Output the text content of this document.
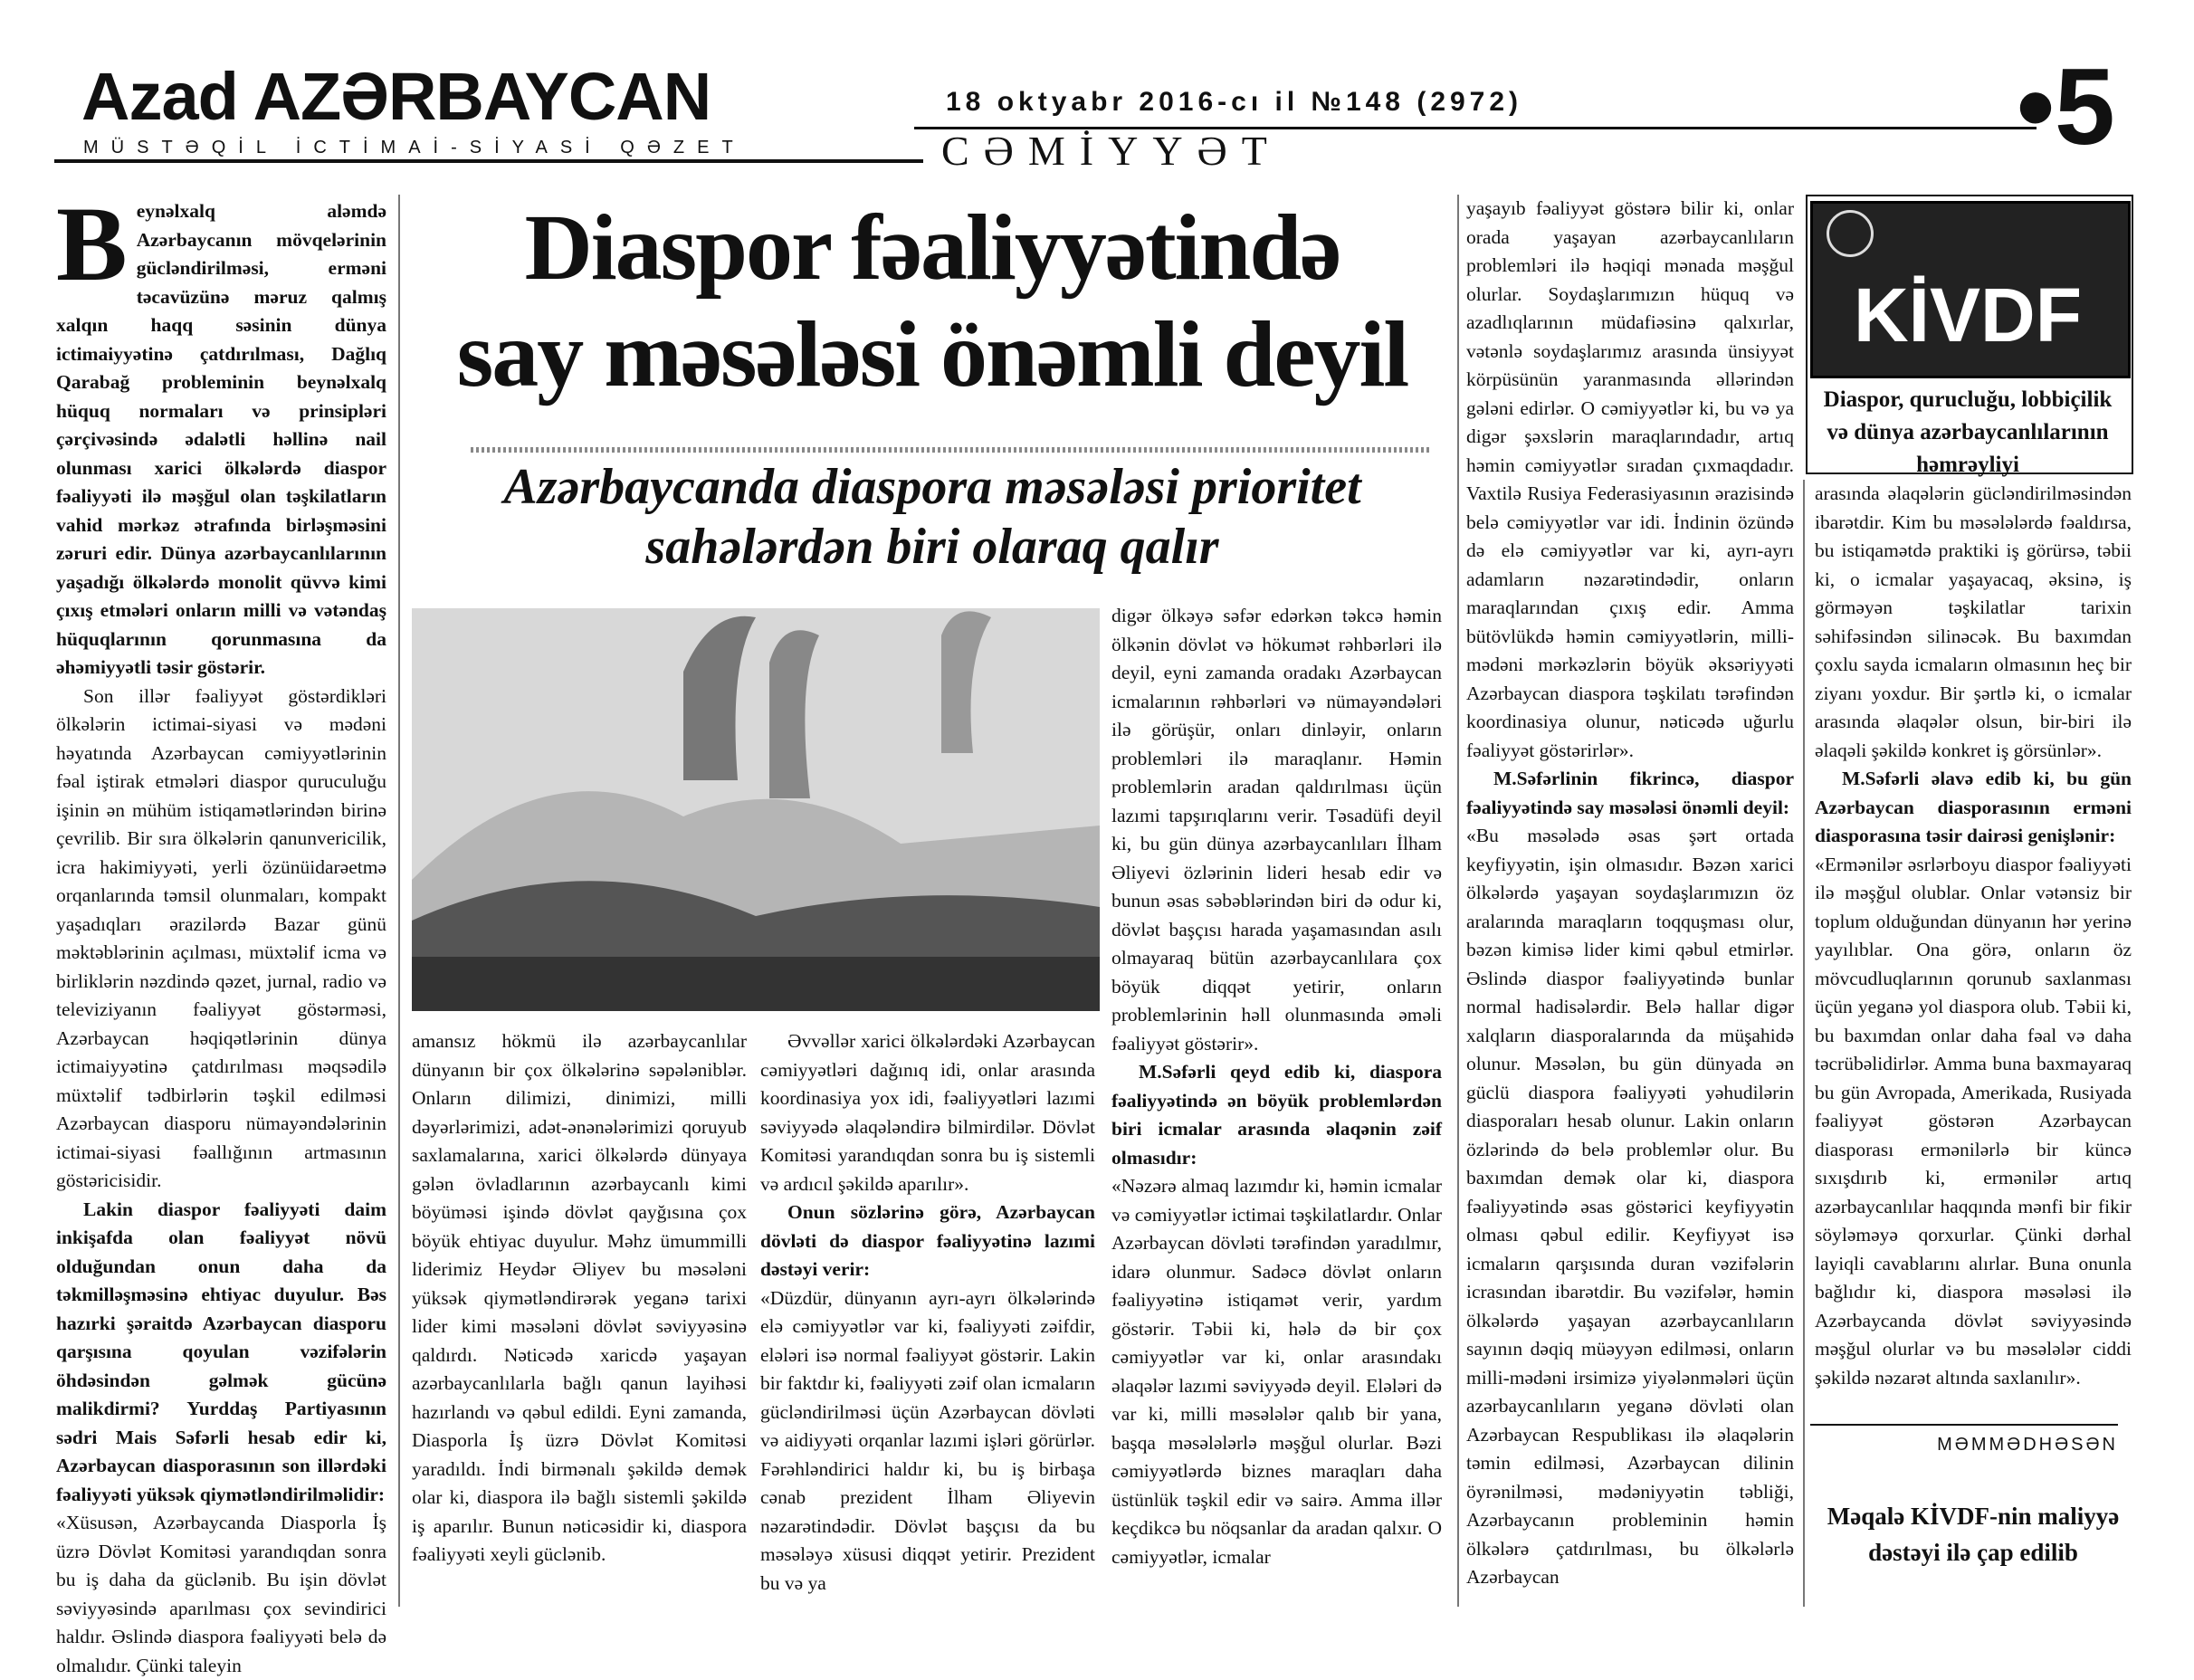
Azad AZƏRBAYCAN
MÜSTƏQİL İCTİMAİ-SİYASİ QƏZET
18 oktyabr 2016-cı il №148 (2972)
CƏMİYYƏT	•5
Diaspor fəaliyyətində
say məsələsi önəmli deyil
Azərbaycanda diaspora məsələsi prioritet
sahələrdən biri olaraq qalır
B eynəlxalq aləmdə Azərbaycanın mövqelərinin gücləndirilməsi, erməni təcavüzünə məruz qalmış xalqın haqq səsinin dünya ictimaiyyətinə çatdırılması, Dağlıq Qarabağ probleminin beynəlxalq hüquq normaları və prinsipləri çərçivəsində ədalətli həllinə nail olunması xarici ölkələrdə diaspor fəaliyyəti ilə məşğul olan təşkilatların vahid mərkəz ətrafında birləşməsini zəruri edir. Dünya azərbaycanlılarının yaşadığı ölkələrdə monolit qüvvə kimi çıxış etmələri onların milli və vətəndaş hüquqlarının qorunmasına da əhəmiyyətli təsir göstərir.

Son illər fəaliyyət göstərdikləri ölkələrin ictimai-siyasi və mədəni həyatında Azərbaycan cəmiyyətlərinin fəal iştirak etmələri diaspor quruculuğu işinin ən mühüm istiqamətlərindən birinə çevrilib. Bir sıra ölkələrin qanunvericilik, icra hakimiyyəti, yerli özünüidarəetmə orqanlarında təmsil olunmaları, kompakt yaşadıqları ərazilərdə Bazar günü məktəblərinin açılması, müxtəlif icma və birliklərin nəzdində qəzet, jurnal, radio və televiziyanın fəaliyyət göstərməsi, Azərbaycan həqiqətlərinin dünya ictimaiyyətinə çatdırılması məqsədilə müxtəlif tədbirlərin təşkil edilməsi Azərbaycan diasporu nümayəndələrinin ictimai-siyasi fəallığının artmasının göstəricisidir.

Lakin diaspor fəaliyyəti daim inkişafda olan fəaliyyət növü olduğundan onun daha da təkmilləşməsinə ehtiyac duyulur. Bəs hazırki şəraitdə Azərbaycan diasporu qarşısına qoyulan vəzifələrin öhdəsindən gəlmək gücünə malikdirmi? Yurddaş Partiyasının sədri Mais Səfərli hesab edir ki, Azərbaycan diasporasının son illərdəki fəaliyyəti yüksək qiymətləndirilməlidir:

«Xüsusən, Azərbaycanda Diasporla İş üzrə Dövlət Komitəsi yarandıqdan sonra bu iş daha da güclənib. Bu işin dövlət səviyyəsində aparılması çox sevindirici haldır. Əslində diaspora fəaliyyəti belə də olmalıdır. Çünki taleyin

amansız hökmü ilə azərbaycanlılar dünyanın bir çox ölkələrinə səpələniblər. Onların dilimizi, dinimizi, milli dəyərlərimizi, adət-ənənələrimizi qoruyub saxlamalarına, xarici ölkələrdə dünyaya gələn övladlarının azərbaycanlı kimi böyüməsi işində dövlət qayğısına çox böyük ehtiyac duyulur. Məhz ümummilli liderimiz Heydər Əliyev bu məsələni yüksək qiymətləndirərək yeganə tarixi lider kimi məsələni dövlət səviyyəsinə qaldırdı. Nəticədə xaricdə yaşayan azərbaycanlılarla bağlı qanun layihəsi hazırlandı və qəbul edildi. Eyni zamanda, Diasporla İş üzrə Dövlət Komitəsi yaradıldı. İndi birmənalı şəkildə demək olar ki, diaspora ilə bağlı sistemli şəkildə iş aparılır. Bunun nəticəsidir ki, diaspora fəaliyyəti xeyli güclənib.

Əvvəllər xarici ölkələrdəki Azərbaycan cəmiyyətləri dağınıq idi, onlar arasında koordinasiya yox idi, fəaliyyətləri lazımi səviyyədə əlaqələndirə bilmirdilər. Dövlət Komitəsi yarandıqdan sonra bu iş sistemli və ardıcıl şəkildə aparılır».

Onun sözlərinə görə, Azərbaycan dövləti də diaspor fəaliyyətinə lazımi dəstəyi verir:

«Düzdür, dünyanın ayrı-ayrı ölkələrində elə cəmiyyətlər var ki, fəaliyyəti zəifdir, elələri isə normal fəaliyyət göstərir. Lakin bir faktdır ki, fəaliyyəti zəif olan icmaların gücləndirilməsi üçün Azərbaycan dövləti və aidiyyəti orqanlar lazımi işləri görürlər. Fərəhləndirici haldır ki, bu iş birbaşa cənab prezident İlham Əliyevin nəzarətindədir. Dövlət başçısı da bu məsələyə xüsusi diqqət yetirir. Prezident bu və ya

digər ölkəyə səfər edərkən təkcə həmin ölkənin dövlət və hökumət rəhbərləri ilə deyil, eyni zamanda oradakı Azərbaycan icmalarının rəhbərləri və nümayəndələri ilə görüşür, onları dinləyir, onların problemləri ilə maraqlanır. Həmin problemlərin aradan qaldırılması üçün lazımi tapşırıqlarını verir. Təsadüfi deyil ki, bu gün dünya azərbaycanlıları İlham Əliyevi özlərinin lideri hesab edir və bunun əsas səbəblərindən biri də odur ki, dövlət başçısı harada yaşamasından asılı olmayaraq bütün azərbaycanlılara çox böyük diqqət yetirir, onların problemlərinin həll olunmasında əməli fəaliyyət göstərir».

M.Səfərli qeyd edib ki, diaspora fəaliyyətində ən böyük problemlərdən biri icmalar arasında əlaqənin zəif olmasıdır:

«Nəzərə almaq lazımdır ki, həmin icmalar və cəmiyyətlər ictimai təşkilatlardır. Onlar Azərbaycan dövləti tərəfindən yaradılmır, idarə olunmur. Sadəcə dövlət onların fəaliyyətinə istiqamət verir, yardım göstərir. Təbii ki, hələ də bir çox cəmiyyətlər var ki, onlar arasındakı əlaqələr lazımi səviyyədə deyil. Elələri də var ki, milli məsələlər qalıb bir yana, başqa məsələlərlə məşğul olurlar. Bəzi cəmiyyətlərdə biznes maraqları daha üstünlük təşkil edir və sairə. Amma illər keçdikcə bu nöqsanlar da aradan qalxır. O cəmiyyətlər, icmalar

yaşayıb fəaliyyət göstərə bilir ki, onlar orada yaşayan azərbaycanlıların problemləri ilə həqiqi mənada məşğul olurlar. Soydaşlarımızın hüquq və azadlıqlarının müdafiəsinə qalxırlar, vətənlə soydaşlarımız arasında ünsiyyət körpüsünün yaranmasında əllərindən gələni edirlər. O cəmiyyətlər ki, bu və ya digər şəxslərin maraqlarındadır, artıq həmin cəmiyyətlər sıradan çıxmaqdadır. Vaxtilə Rusiya Federasiyasının ərazisində belə cəmiyyətlər var idi. İndinin özündə də elə cəmiyyətlər var ki, ayrı-ayrı adamların nəzarətindədir, onların maraqlarından çıxış edir. Amma bütövlükdə həmin cəmiyyətlərin, milli-mədəni mərkəzlərin böyük əksəriyyəti Azərbaycan diaspora təşkilatı tərəfindən koordinasiya olunur, nəticədə uğurlu fəaliyyət göstərirlər».

M.Səfərlinin fikrincə, diaspor fəaliyyətində say məsələsi önəmli deyil:

«Bu məsələdə əsas şərt ortada keyfiyyətin, işin olmasıdır. Bəzən xarici ölkələrdə yaşayan soydaşlarımızın öz aralarında maraqların toqquşması olur, bəzən kimisə lider kimi qəbul etmirlər. Əslində diaspor fəaliyyətində bunlar normal hadisələrdir. Belə hallar digər xalqların diasporalarında da müşahidə olunur. Məsələn, bu gün dünyada ən güclü diaspora fəaliyyəti yəhudilərin diasporaları hesab olunur. Lakin onların özlərində də belə problemlər olur. Bu baxımdan demək olar ki, diaspora fəaliyyətində əsas göstərici keyfiyyətin olması qəbul edilir. Keyfiyyət isə icmaların qarşısında duran vəzifələrin icrasından ibarətdir. Bu vəzifələr, həmin ölkələrdə yaşayan azərbaycanlıların sayının dəqiq müəyyən edilməsi, onların milli-mədəni irsimizə yiyələnmələri üçün azərbaycanlıların yeganə dövləti olan Azərbaycan Respublikası ilə əlaqələrin təmin edilməsi, Azərbaycan dilinin öyrənilməsi, mədəniyyətin təbliği, Azərbaycanın probleminin həmin ölkələrə çatdırılması, bu ölkələrlə Azərbaycan

KİVDF
Diaspor, qurucluğu, lobbiçilik və dünya azərbaycanlılarının həmrəyliyi

arasında əlaqələrin gücləndirilməsindən ibarətdir. Kim bu məsələlərdə fəaldırsa, bu istiqamətdə praktiki iş görürsə, təbii ki, o icmalar yaşayacaq, əksinə, iş görməyən təşkilatlar tarixin səhifəsindən silinəcək. Bu baxımdan çoxlu sayda icmaların olmasının heç bir ziyanı yoxdur. Bir şərtlə ki, o icmalar arasında əlaqələr olsun, bir-biri ilə əlaqəli şəkildə konkret iş görsünlər».

M.Səfərli əlavə edib ki, bu gün Azərbaycan diasporasının erməni diasporasına təsir dairəsi genişlənir:

«Ermənilər əsrlərboyu diaspor fəaliyyəti ilə məşğul olublar. Onlar vətənsiz bir toplum olduğundan dünyanın hər yerinə yayılıblar. Ona görə, onların öz mövcudluqlarının qorunub saxlanması üçün yeganə yol diaspora olub. Təbii ki, bu baxımdan onlar daha fəal və daha təcrübəlidirlər. Amma buna baxmayaraq bu gün Avropada, Amerikada, Rusiyada fəaliyyət göstərən Azərbaycan diasporası ermənilərlə bir küncə sıxışdırıb ki, ermənilər artıq azərbaycanlılar haqqında mənfi bir fikir söyləməyə qorxurlar. Çünki dərhal layiqli cavablarını alırlar. Buna onunla bağlıdır ki, diaspora məsələsi ilə Azərbaycanda dövlət səviyyəsində məşğul olurlar və bu məsələlər ciddi şəkildə nəzarət altında saxlanılır».

MƏMMƏDHƏSƏN
Məqalə KİVDF-nin maliyyə dəstəyi ilə çap edilib
